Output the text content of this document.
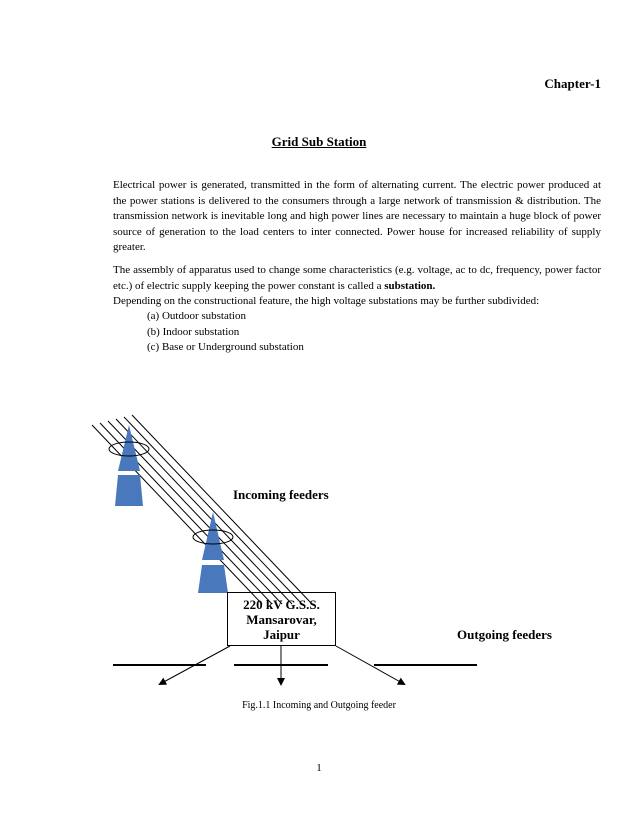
Chapter-1
Grid Sub Station
Electrical power is generated, transmitted in the form of alternating current. The electric power produced at the power stations is delivered to the consumers through a large network of transmission & distribution. The transmission network is inevitable long and high power lines are necessary to maintain a huge block of power source of generation to the load centers to inter connected. Power house for increased reliability of supply greater.
The assembly of apparatus used to change some characteristics (e.g. voltage, ac to dc, frequency, power factor etc.) of electric supply keeping the power constant is called a substation.
Depending on the constructional feature, the high voltage substations may be further subdivided:
(a) Outdoor substation
(b) Indoor substation
(c) Base or Underground substation
Incoming feeders
220 kV G.S.S.
Mansarovar,
Jaipur	Outgoing feeders
Fig.1.1 Incoming and Outgoing feeder
1
